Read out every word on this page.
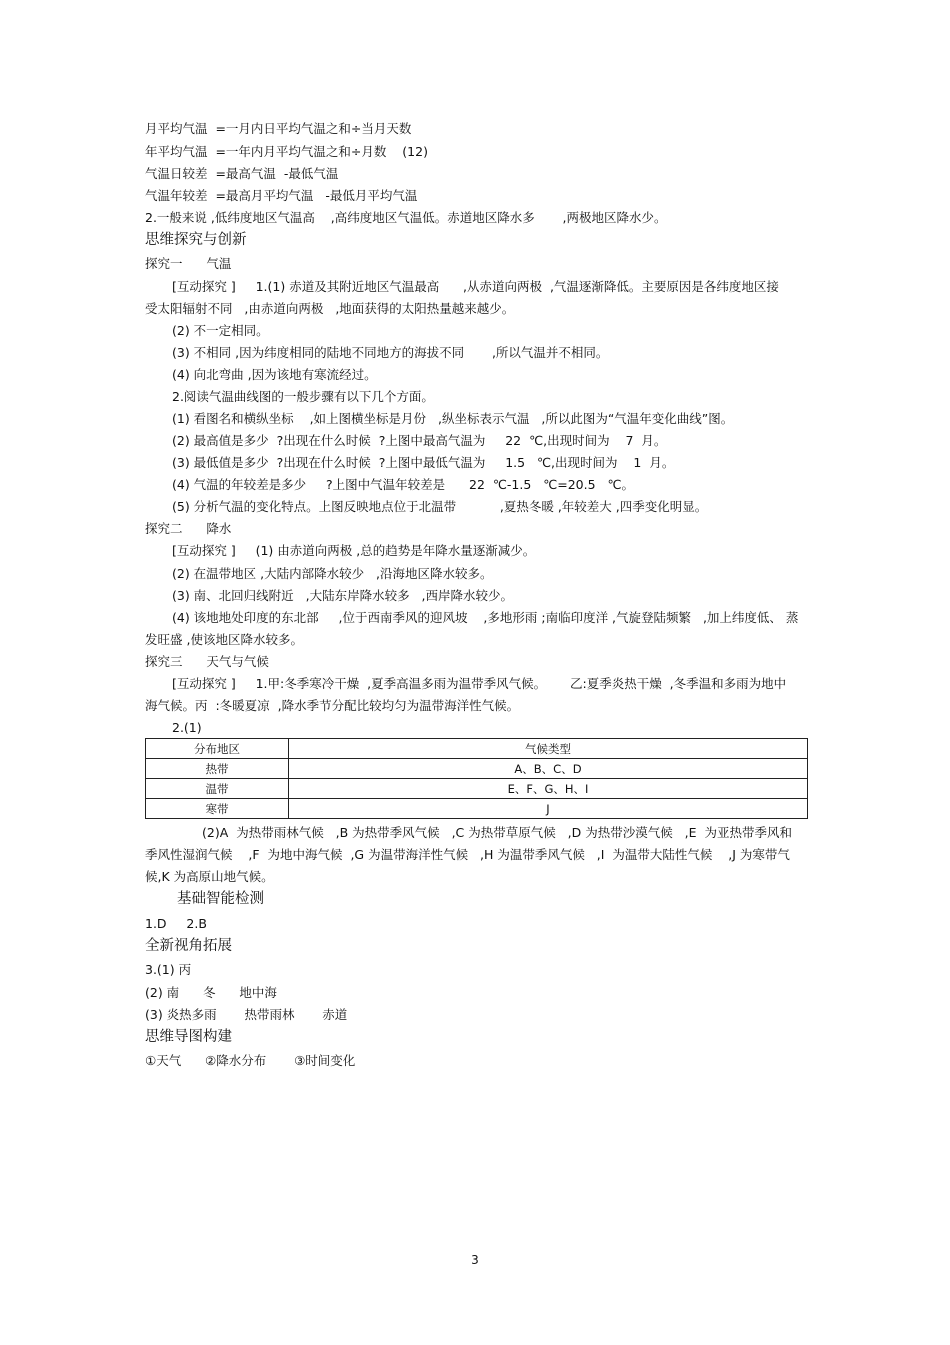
月平均气温  =一月内日平均气温之和÷当月天数
年平均气温  =一年内月平均气温之和÷月数    (12)
气温日较差  =最高气温  -最低气温
气温年较差  =最高月平均气温   -最低月平均气温
2.一般来说 ,低纬度地区气温高    ,高纬度地区气温低。赤道地区降水多       ,两极地区降水少。
思维探究与创新
探究一      气温
[互动探究 ]     1.(1) 赤道及其附近地区气温最高      ,从赤道向两极  ,气温逐渐降低。主要原因是各纬度地区接
受太阳辐射不同   ,由赤道向两极   ,地面获得的太阳热量越来越少。
(2) 不一定相同。
(3) 不相同 ,因为纬度相同的陆地不同地方的海拔不同       ,所以气温并不相同。
(4) 向北弯曲 ,因为该地有寒流经过。
2.阅读气温曲线图的一般步骤有以下几个方面。
(1) 看图名和横纵坐标    ,如上图横坐标是月份   ,纵坐标表示气温   ,所以此图为“气温年变化曲线”图。
(2) 最高值是多少  ?出现在什么时候  ?上图中最高气温为     22  ℃,出现时间为    7  月。
(3) 最低值是多少  ?出现在什么时候  ?上图中最低气温为     1.5   ℃,出现时间为    1  月。
(4) 气温的年较差是多少     ?上图中气温年较差是      22  ℃-1.5   ℃=20.5   ℃。
(5) 分析气温的变化特点。上图反映地点位于北温带           ,夏热冬暖 ,年较差大 ,四季变化明显。
探究二      降水
[互动探究 ]     (1) 由赤道向两极 ,总的趋势是年降水量逐渐减少。
(2) 在温带地区 ,大陆内部降水较少   ,沿海地区降水较多。
(3) 南、北回归线附近   ,大陆东岸降水较多   ,西岸降水较少。
(4) 该地地处印度的东北部     ,位于西南季风的迎风坡    ,多地形雨 ;南临印度洋 ,气旋登陆频繁   ,加上纬度低、 蒸
发旺盛 ,使该地区降水较多。
探究三      天气与气候
[互动探究 ]     1.甲:冬季寒冷干燥  ,夏季高温多雨为温带季风气候。      乙:夏季炎热干燥  ,冬季温和多雨为地中
海气候。丙  :冬暖夏凉  ,降水季节分配比较均匀为温带海洋性气候。
2.(1)
分布地区	气候类型
热带	A、B、C、D
温带	E、F、G、H、I
寒带	J
(2)A  为热带雨林气候   ,B 为热带季风气候   ,C 为热带草原气候   ,D 为热带沙漠气候   ,E  为亚热带季风和
季风性湿润气候    ,F  为地中海气候  ,G 为温带海洋性气候   ,H 为温带季风气候   ,I  为温带大陆性气候    ,J 为寒带气
候,K 为高原山地气候。
基础智能检测
1.D     2.B
全新视角拓展
3.(1) 丙
(2) 南      冬      地中海
(3) 炎热多雨       热带雨林       赤道
思维导图构建
①天气      ②降水分布       ③时间变化
3
